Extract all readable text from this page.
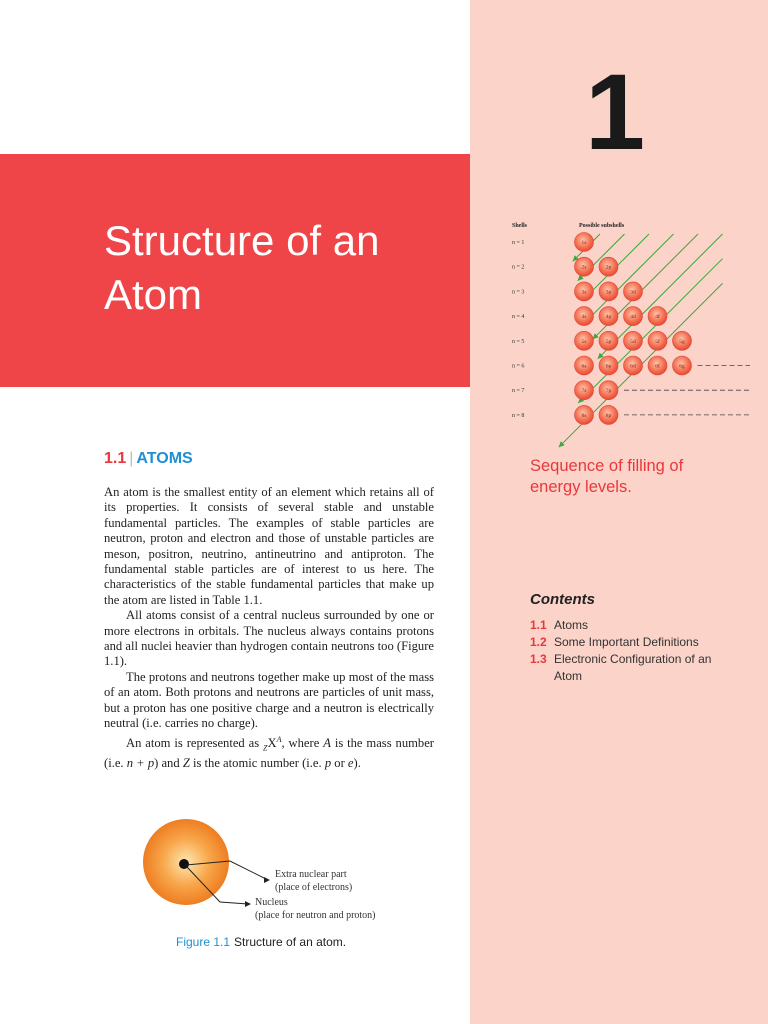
Structure of an Atom
1
Shells	Possible subshells
n = 1	1s
n = 2	2s	2p
n = 3	3s	3p	3d
n = 4	4s	4p	4d	4f
n = 5	5s	5p	5d	5f	5g
n = 6	6s	6p	6d	6f	6g
n = 7	7s	7p
n = 8	8s	8p
Sequence of filling of energy levels.
Contents
1.1 Atoms
1.2 Some Important Definitions
1.3 Electronic Configuration of an Atom
1.1 | ATOMS

An atom is the smallest entity of an element which retains all of its properties. It consists of several stable and unstable fundamental particles. The examples of stable particles are neutron, proton and electron and those of unstable particles are meson, positron, neutrino, antineutrino and antiproton. The fundamental stable particles are of interest to us here. The characteristics of the stable fundamental particles that make up the atom are listed in Table 1.1.

All atoms consist of a central nucleus surrounded by one or more electrons in orbitals. The nucleus always contains protons and all nuclei heavier than hydrogen contain neutrons too (Figure 1.1).

The protons and neutrons together make up most of the mass of an atom. Both protons and neutrons are particles of unit mass, but a proton has one positive charge and a neutron is electrically neutral (i.e. carries no charge).

An atom is represented as $_ZX^A$, where A is the mass number (i.e. n + p) and Z is the atomic number (i.e. p or e).

Extra nuclear part
(place of electrons)
Nucleus
(place for neutron and proton)
Figure 1.1 Structure of an atom.
